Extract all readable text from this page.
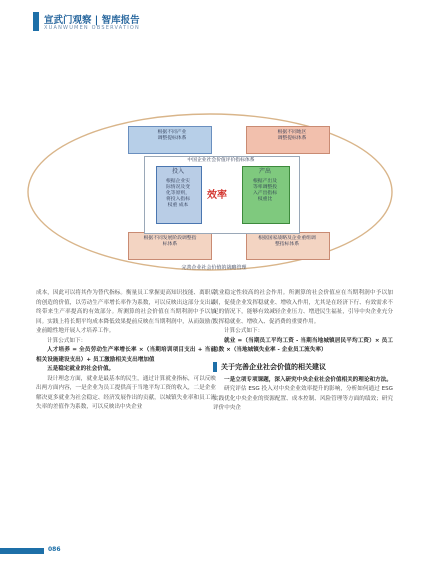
宣武门观察 | 智库报告
XUANWUMEN OBSERVATION
根据不同产业
调整提标体系
根据不同地区
调整提标体系
根据不同发展阶段调整指
标体系
根据国家战略及企业重组调
整指标体系
中国企业社会价值评价指标体系
投入
根据企业实
际情况及变
化等原则，
将投入指标
权重 成本
效率
产出
根据产出及
等率调整投
入产出指标
权重比
完善企业社会价值的战略管理

成本，因此可以将其作为替代指标。衡量员工掌握更高知识技能、离职后的创造的价值，以劳动生产率增长率作为系数，可以反映出这部分支出最终带来生产率提高的有效部分。所测算的社会价值在当期利润中予以加回。实践上将长期平均成本降低效果提前反映在当期利润中，从而鼓励企业前瞻性地开展人才培养工作。

计算公式如下：

人才培养 = 全员劳动生产率增长率 ×（当期培训项目支出 + 当前相关设施建设支出）+ 员工激励相关支出增加值

五是稳定就业的社会价值。

设计理念方面，就业是最基本的民生，通过计算就业指标，可以反映出两方面内容，一是企业为员工提供高于当地平均工资的收入，二是企业解决更多就业为社会稳定、经济发展作出的贡献，以城镇失业率和员工流失率的差值作为系数，可以反映出中央企业

就业稳定性较高的社会作用。所测算的社会价值应在当期利润中予以加回，促使企业发挥稳就业、增收入作用，尤其是在经济下行、有效需求不足的情况下，能够有效减轻企业压力、增进民生福祉，引导中央企业充分发挥稳就业、增收入、促消费的重要作用。

计算公式如下：

就业 =（当期员工平均工资 - 当期当地城镇居民平均工资）× 员工总数 ×（当地城镇失业率 - 企业员工流失率）

关于完善企业社会价值的相关建议

一是立项专项课题，深入研究中央企业社会价值相关的理论和方法。

研究评估 ESG 投入对中央企业效率提升的影响，分析如何通过 ESG 实践优化中央企业的资源配置、成本控制、风险管理等方面的绩效；研究评价中央企

086
